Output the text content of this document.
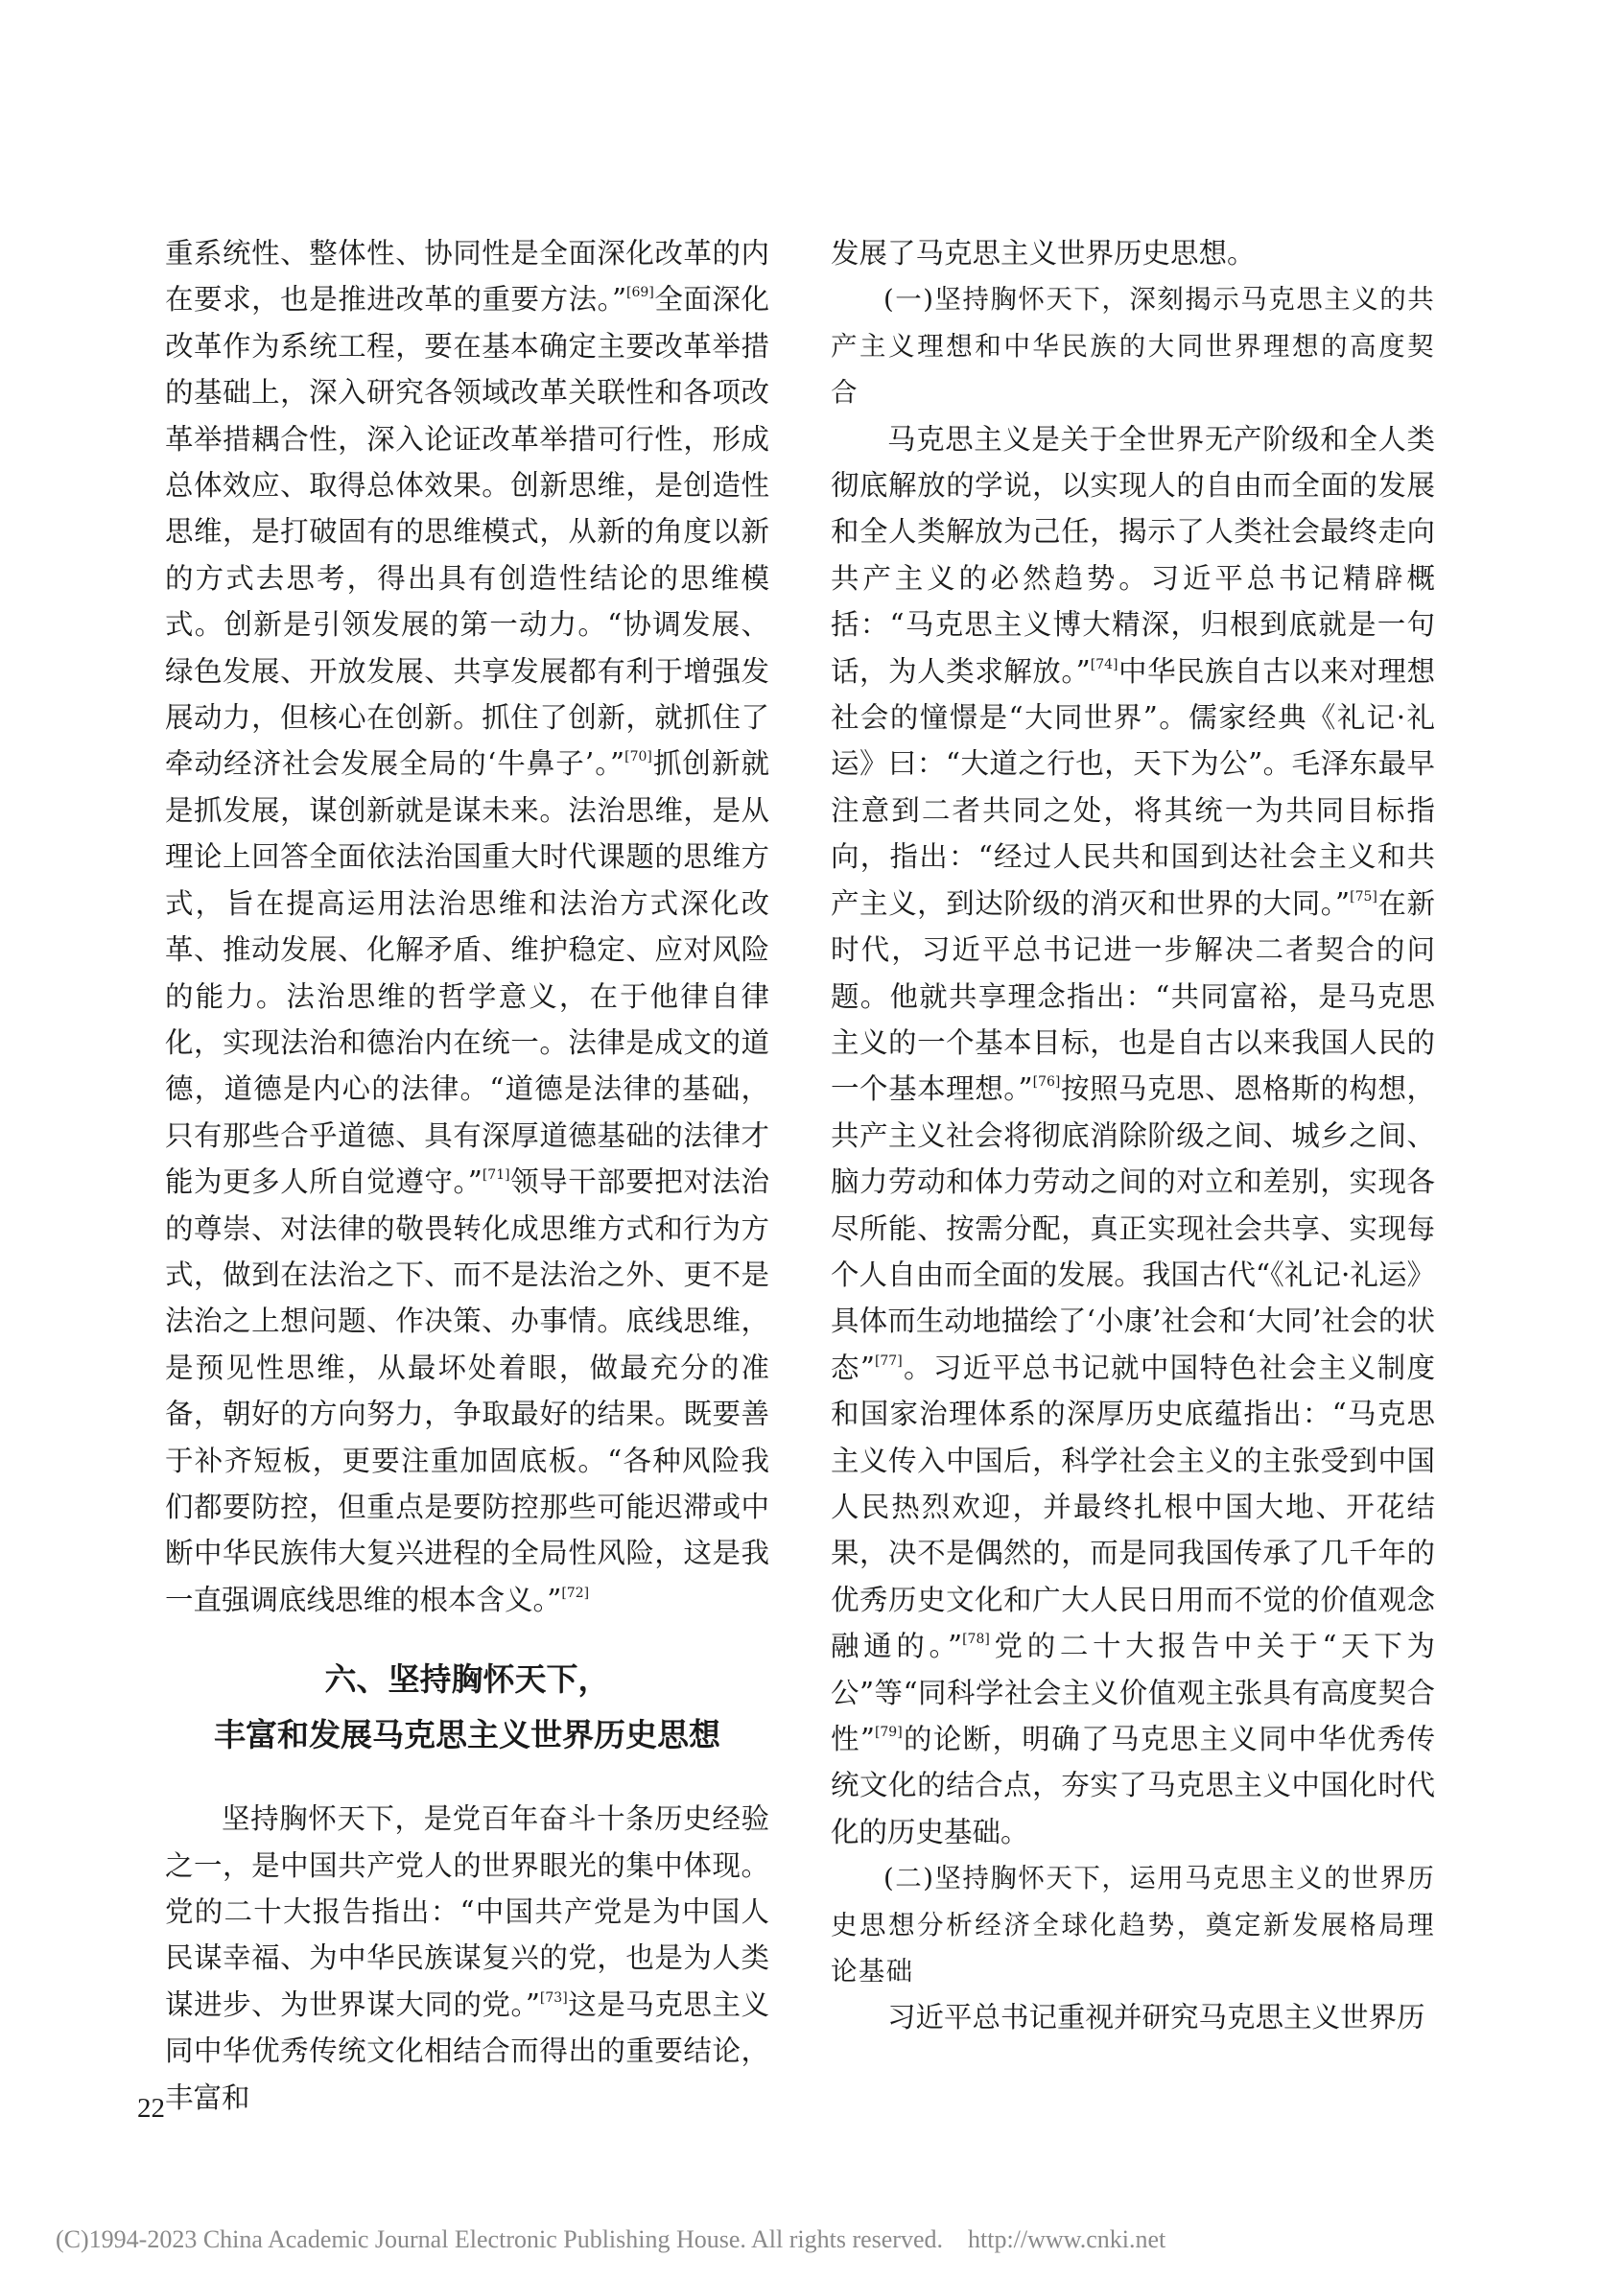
重系统性、整体性、协同性是全面深化改革的内在要求，也是推进改革的重要方法。”[69]全面深化改革作为系统工程，要在基本确定主要改革举措的基础上，深入研究各领域改革关联性和各项改革举措耦合性，深入论证改革举措可行性，形成总体效应、取得总体效果。创新思维，是创造性思维，是打破固有的思维模式，从新的角度以新的方式去思考，得出具有创造性结论的思维模式。创新是引领发展的第一动力。“协调发展、绿色发展、开放发展、共享发展都有利于增强发展动力，但核心在创新。抓住了创新，就抓住了牵动经济社会发展全局的‘牛鼻子’。”[70]抓创新就是抓发展，谋创新就是谋未来。法治思维，是从理论上回答全面依法治国重大时代课题的思维方式，旨在提高运用法治思维和法治方式深化改革、推动发展、化解矛盾、维护稳定、应对风险的能力。法治思维的哲学意义，在于他律自律化，实现法治和德治内在统一。法律是成文的道德，道德是内心的法律。“道德是法律的基础，只有那些合乎道德、具有深厚道德基础的法律才能为更多人所自觉遵守。”[71]领导干部要把对法治的尊崇、对法律的敬畏转化成思维方式和行为方式，做到在法治之下、而不是法治之外、更不是法治之上想问题、作决策、办事情。底线思维，是预见性思维，从最坏处着眼，做最充分的准备，朝好的方向努力，争取最好的结果。既要善于补齐短板，更要注重加固底板。“各种风险我们都要防控，但重点是要防控那些可能迟滞或中断中华民族伟大复兴进程的全局性风险，这是我一直强调底线思维的根本含义。”[72]

六、坚持胸怀天下，
丰富和发展马克思主义世界历史思想

坚持胸怀天下，是党百年奋斗十条历史经验之一，是中国共产党人的世界眼光的集中体现。党的二十大报告指出：“中国共产党是为中国人民谋幸福、为中华民族谋复兴的党，也是为人类谋进步、为世界谋大同的党。”[73]这是马克思主义同中华优秀传统文化相结合而得出的重要结论，丰富和

发展了马克思主义世界历史思想。

(一)坚持胸怀天下，深刻揭示马克思主义的共产主义理想和中华民族的大同世界理想的高度契合

马克思主义是关于全世界无产阶级和全人类彻底解放的学说，以实现人的自由而全面的发展和全人类解放为己任，揭示了人类社会最终走向共产主义的必然趋势。习近平总书记精辟概括：“马克思主义博大精深，归根到底就是一句话，为人类求解放。”[74]中华民族自古以来对理想社会的憧憬是“大同世界”。儒家经典《礼记·礼运》曰：“大道之行也，天下为公”。毛泽东最早注意到二者共同之处，将其统一为共同目标指向，指出：“经过人民共和国到达社会主义和共产主义，到达阶级的消灭和世界的大同。”[75]在新时代，习近平总书记进一步解决二者契合的问题。他就共享理念指出：“共同富裕，是马克思主义的一个基本目标，也是自古以来我国人民的一个基本理想。”[76]按照马克思、恩格斯的构想，共产主义社会将彻底消除阶级之间、城乡之间、脑力劳动和体力劳动之间的对立和差别，实现各尽所能、按需分配，真正实现社会共享、实现每个人自由而全面的发展。我国古代“《礼记·礼运》具体而生动地描绘了‘小康’社会和‘大同’社会的状态”[77]。习近平总书记就中国特色社会主义制度和国家治理体系的深厚历史底蕴指出：“马克思主义传入中国后，科学社会主义的主张受到中国人民热烈欢迎，并最终扎根中国大地、开花结果，决不是偶然的，而是同我国传承了几千年的优秀历史文化和广大人民日用而不觉的价值观念融通的。”[78]党的二十大报告中关于“天下为公”等“同科学社会主义价值观主张具有高度契合性”[79]的论断，明确了马克思主义同中华优秀传统文化的结合点，夯实了马克思主义中国化时代化的历史基础。

(二)坚持胸怀天下，运用马克思主义的世界历史思想分析经济全球化趋势，奠定新发展格局理论基础

习近平总书记重视并研究马克思主义世界历

22
(C)1994-2023 China Academic Journal Electronic Publishing House. All rights reserved.    http://www.cnki.net
